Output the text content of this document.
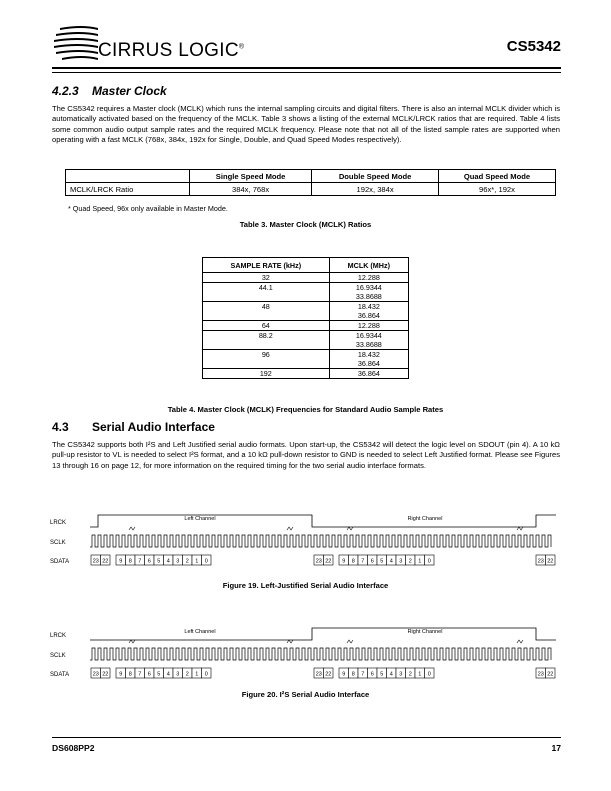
CIRRUS LOGIC®	CS5342
4.2.3 Master Clock
The CS5342 requires a Master clock (MCLK) which runs the internal sampling circuits and digital filters. There is also an internal MCLK divider which is automatically activated based on the frequency of the MCLK. Table 3 shows a listing of the external MCLK/LRCK ratios that are required. Table 4 lists some common audio output sample rates and the required MCLK frequency. Please note that not all of the listed sample rates are supported when operating with a fast MCLK (768x, 384x, 192x for Single, Double, and Quad Speed Modes respectively).
	Single Speed Mode	Double Speed Mode	Quad Speed Mode
MCLK/LRCK Ratio	384x, 768x	192x, 384x	96x*, 192x
* Quad Speed, 96x only available in Master Mode.
Table 3. Master Clock (MCLK) Ratios
SAMPLE RATE (kHz)	MCLK (MHz)
32	12.288
44.1	16.9344
	33.8688
48	18.432
	36.864
64	12.288
88.2	16.9344
	33.8688
96	18.432
	36.864
192	36.864
Table 4. Master Clock (MCLK) Frequencies for Standard Audio Sample Rates
4.3 Serial Audio Interface
The CS5342 supports both I²S and Left Justified serial audio formats. Upon start-up, the CS5342 will detect the logic level on SDOUT (pin 4). A 10 kΩ pull-up resistor to VL is needed to select I²S format, and a 10 kΩ pull-down resistor to GND is needed to select Left Justified format. Please see Figures 13 through 16 on page 12, for more information on the required timing for the two serial audio interface formats.
LRCK
SCLK
SDATA
Left Channel	Right Channel
23 22 9 8 7 6 5 4 3 2 1 0	23 22 9 8 7 6 5 4 3 2 1 0	23 22
Figure 19. Left-Justified Serial Audio Interface
LRCK
SCLK
SDATA
Left Channel	Right Channel
23 22 9 8 7 6 5 4 3 2 1 0	23 22 9 8 7 6 5 4 3 2 1 0	23 22
Figure 20. I²S Serial Audio Interface
DS608PP2	17
